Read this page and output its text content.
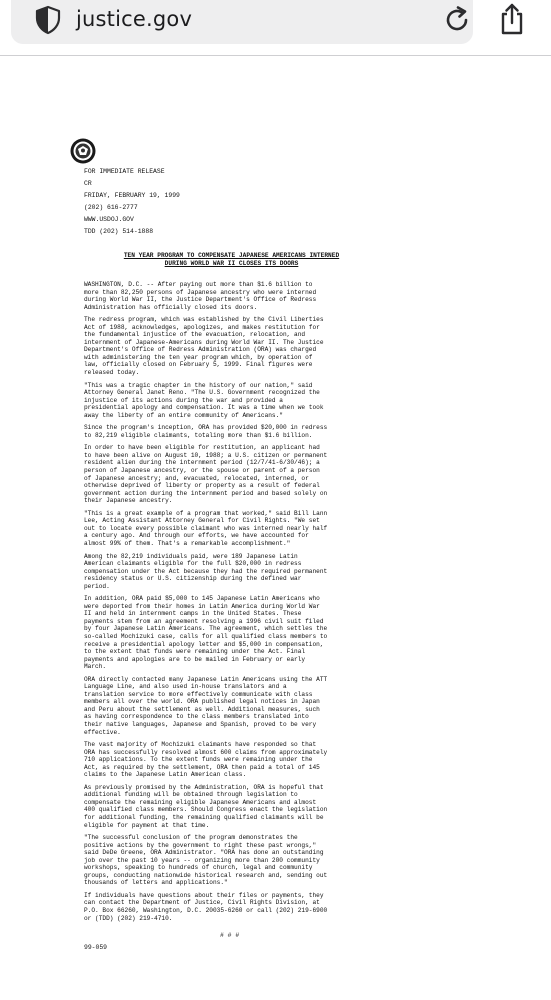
justice.gov
FOR IMMEDIATE RELEASE
CR
FRIDAY, FEBRUARY 19, 1999
(202) 616-2777
WWW.USDOJ.GOV
TDD (202) 514-1888
TEN YEAR PROGRAM TO COMPENSATE JAPANESE AMERICANS INTERNED
DURING WORLD WAR II CLOSES ITS DOORS

WASHINGTON, D.C. -- After paying out more than $1.6 billion to
more than 82,250 persons of Japanese ancestry who were interned
during World War II, the Justice Department's Office of Redress
Administration has officially closed its doors.

The redress program, which was established by the Civil Liberties
Act of 1988, acknowledges, apologizes, and makes restitution for
the fundamental injustice of the evacuation, relocation, and
internment of Japanese-Americans during World War II. The Justice
Department's Office of Redress Administration (ORA) was charged
with administering the ten year program which, by operation of
law, officially closed on February 5, 1999. Final figures were
released today.

"This was a tragic chapter in the history of our nation," said
Attorney General Janet Reno. "The U.S. Government recognized the
injustice of its actions during the war and provided a
presidential apology and compensation. It was a time when we took
away the liberty of an entire community of Americans."

Since the program's inception, ORA has provided $20,000 in redress
to 82,219 eligible claimants, totaling more than $1.6 billion.

In order to have been eligible for restitution, an applicant had
to have been alive on August 10, 1988; a U.S. citizen or permanent
resident alien during the internment period (12/7/41-6/30/46); a
person of Japanese ancestry, or the spouse or parent of a person
of Japanese ancestry; and, evacuated, relocated, interned, or
otherwise deprived of liberty or property as a result of federal
government action during the internment period and based solely on
their Japanese ancestry.

"This is a great example of a program that worked," said Bill Lann
Lee, Acting Assistant Attorney General for Civil Rights. "We set
out to locate every possible claimant who was interned nearly half
a century ago. And through our efforts, we have accounted for
almost 99% of them. That's a remarkable accomplishment."

Among the 82,219 individuals paid, were 189 Japanese Latin
American claimants eligible for the full $20,000 in redress
compensation under the Act because they had the required permanent
residency status or U.S. citizenship during the defined war
period.

In addition, ORA paid $5,000 to 145 Japanese Latin Americans who
were deported from their homes in Latin America during World War
II and held in internment camps in the United States. These
payments stem from an agreement resolving a 1996 civil suit filed
by four Japanese Latin Americans. The agreement, which settles the
so-called Mochizuki case, calls for all qualified class members to
receive a presidential apology letter and $5,000 in compensation,
to the extent that funds were remaining under the Act. Final
payments and apologies are to be mailed in February or early
March.

ORA directly contacted many Japanese Latin Americans using the ATT
Language Line, and also used in-house translators and a
translation service to more effectively communicate with class
members all over the world. ORA published legal notices in Japan
and Peru about the settlement as well. Additional measures, such
as having correspondence to the class members translated into
their native languages, Japanese and Spanish, proved to be very
effective.

The vast majority of Mochizuki claimants have responded so that
ORA has successfully resolved almost 600 claims from approximately
710 applications. To the extent funds were remaining under the
Act, as required by the settlement, ORA then paid a total of 145
claims to the Japanese Latin American class.

As previously promised by the Administration, ORA is hopeful that
additional funding will be obtained through legislation to
compensate the remaining eligible Japanese Americans and almost
400 qualified class members. Should Congress enact the legislation
for additional funding, the remaining qualified claimants will be
eligible for payment at that time.

"The successful conclusion of the program demonstrates the
positive actions by the government to right these past wrongs,"
said DeDe Greene, ORA Administrator. "ORA has done an outstanding
job over the past 10 years -- organizing more than 200 community
workshops, speaking to hundreds of church, legal and community
groups, conducting nationwide historical research and, sending out
thousands of letters and applications."

If individuals have questions about their files or payments, they
can contact the Department of Justice, Civil Rights Division, at
P.O. Box 66260, Washington, D.C. 20035-6260 or call (202) 219-6900
or (TDD) (202) 219-4710.

# # #
99-059
